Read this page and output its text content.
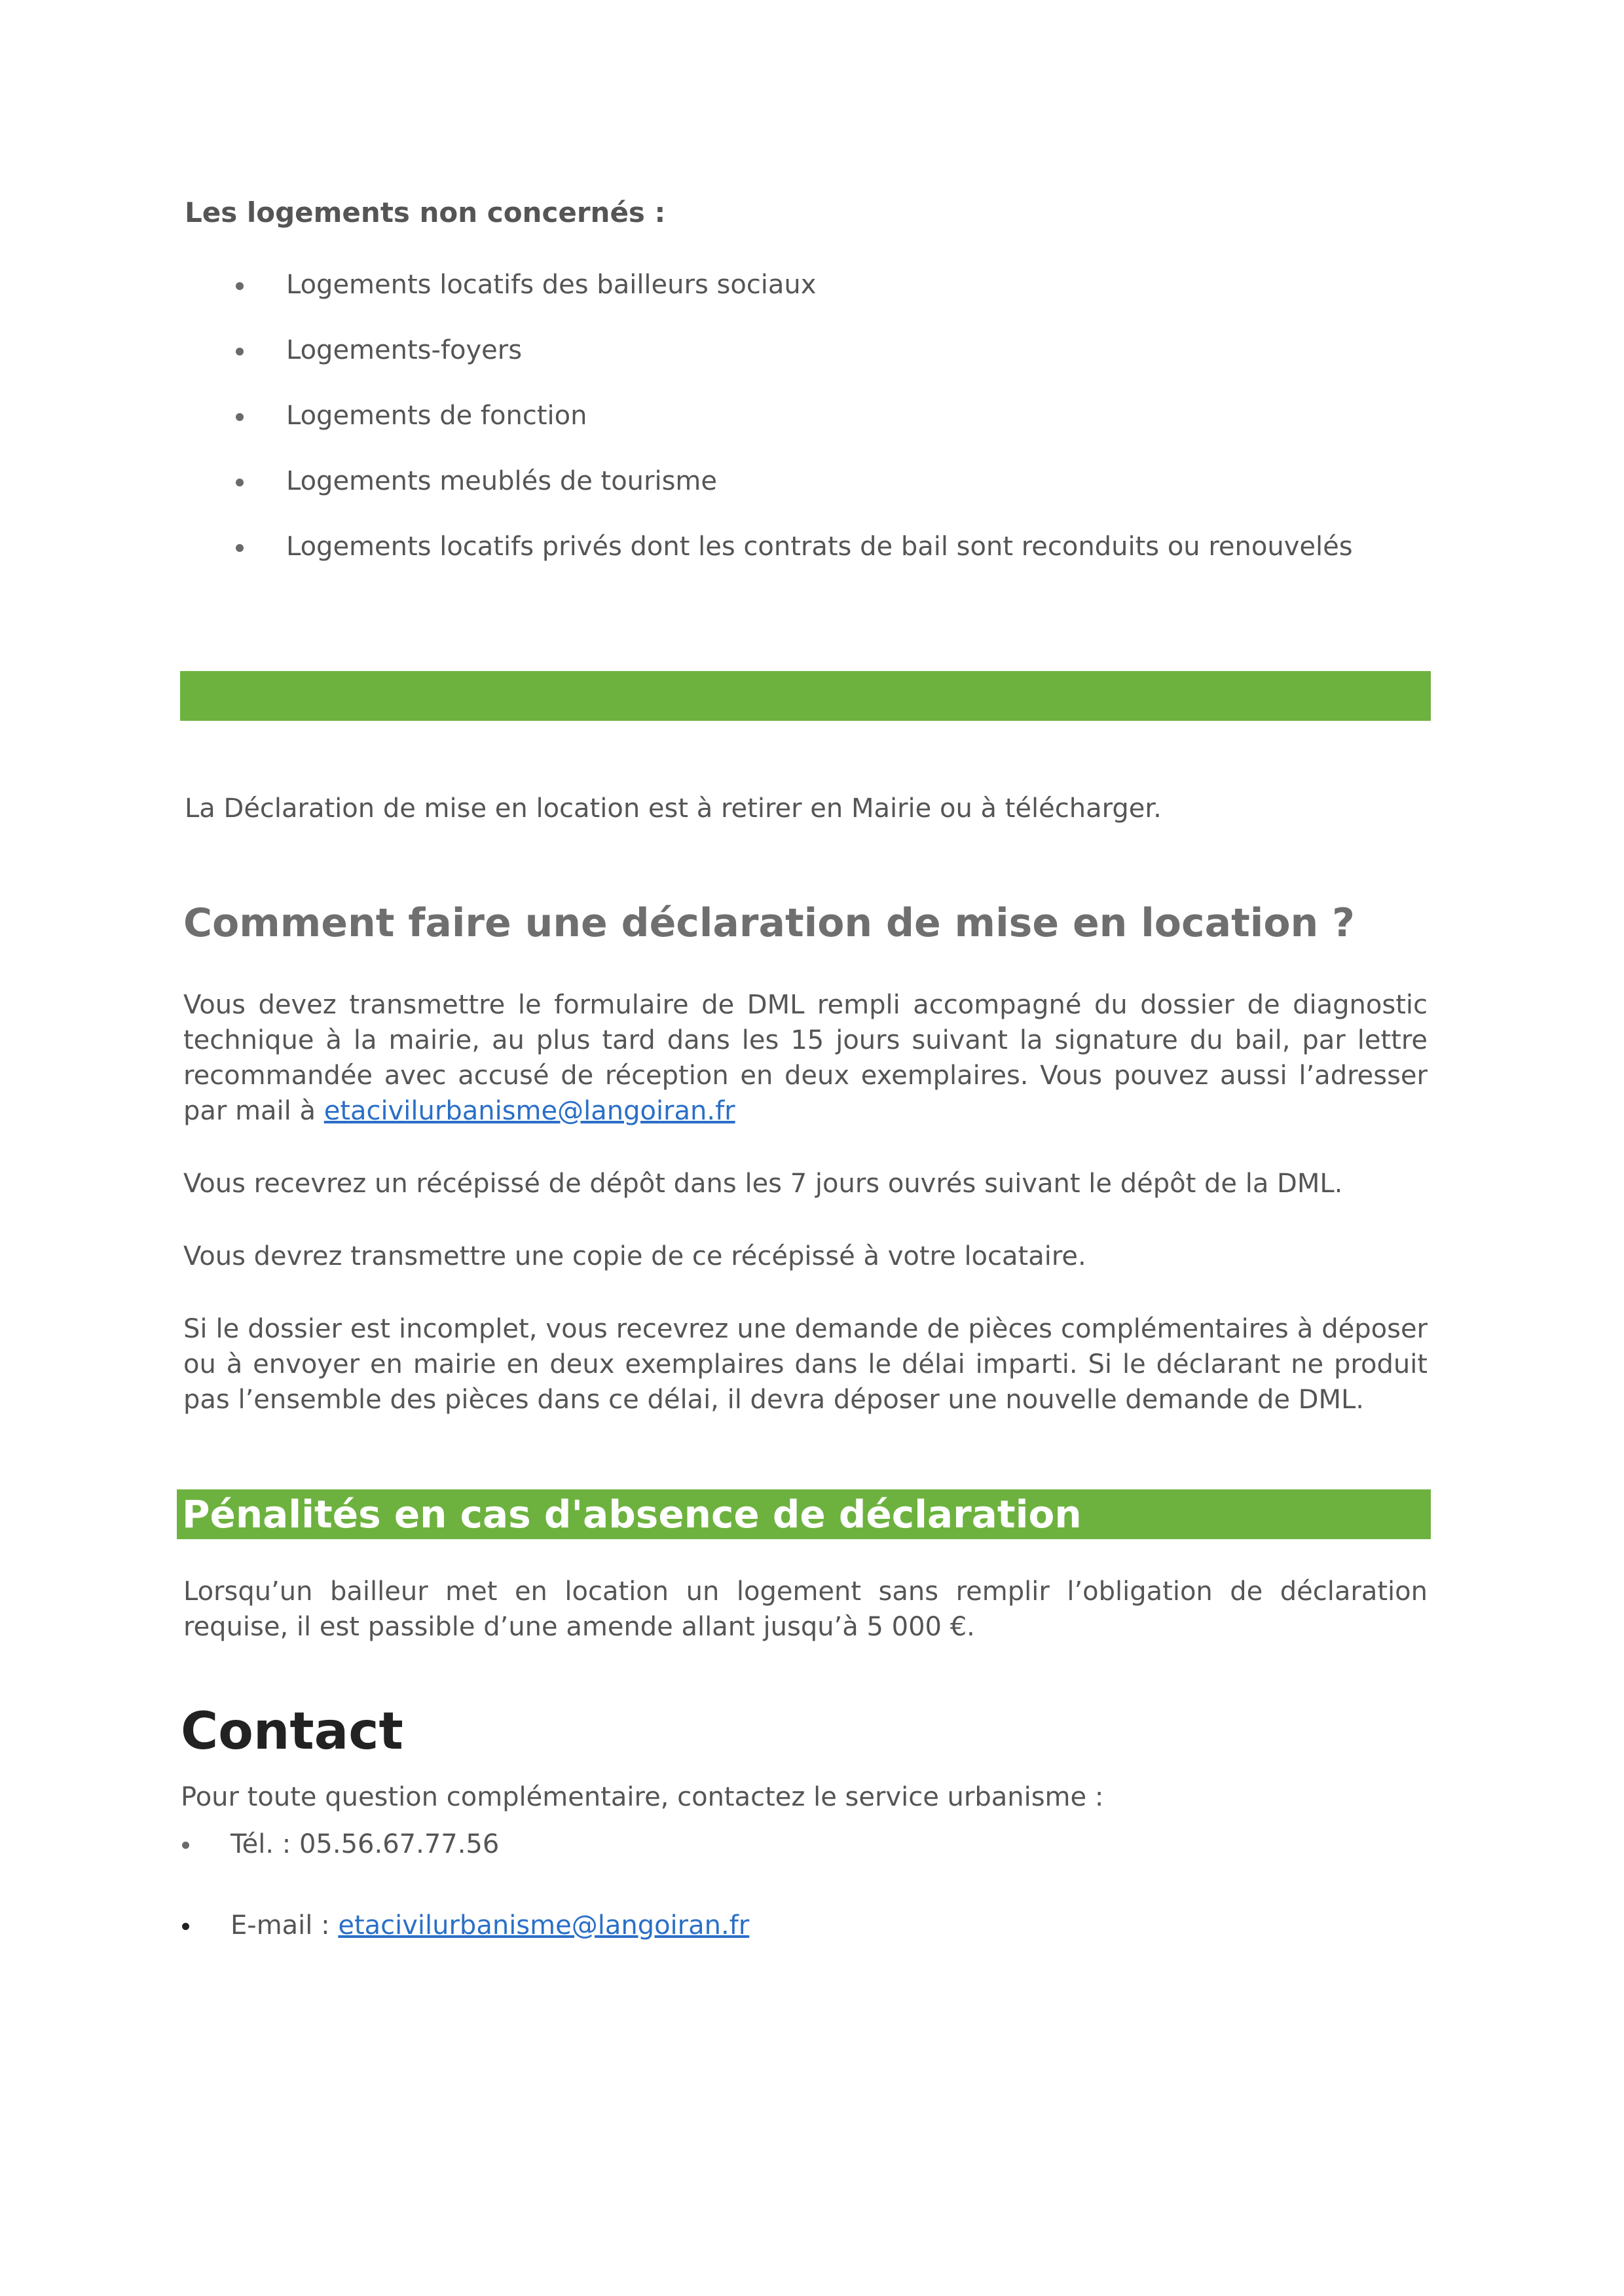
Les logements non concernés :
Logements locatifs des bailleurs sociaux
Logements-foyers
Logements de fonction
Logements meublés de tourisme
Logements locatifs privés dont les contrats de bail sont reconduits ou renouvelés

La Déclaration de mise en location est à retirer en Mairie ou à télécharger.

Comment faire une déclaration de mise en location ?

Vous devez transmettre le formulaire de DML rempli accompagné du dossier de diagnostic technique à la mairie, au plus tard dans les 15 jours suivant la signature du bail, par lettre recommandée avec accusé de réception en deux exemplaires. Vous pouvez aussi l’adresser par mail à etacivilurbanisme@langoiran.fr

Vous recevrez un récépissé de dépôt dans les 7 jours ouvrés suivant le dépôt de la DML.

Vous devrez transmettre une copie de ce récépissé à votre locataire.

Si le dossier est incomplet, vous recevrez une demande de pièces complémentaires à déposer ou à envoyer en mairie en deux exemplaires dans le délai imparti. Si le déclarant ne produit pas l’ensemble des pièces dans ce délai, il devra déposer une nouvelle demande de DML.

Pénalités en cas d'absence de déclaration

Lorsqu’un bailleur met en location un logement sans remplir l’obligation de déclaration requise, il est passible d’une amende allant jusqu’à 5 000 €.

Contact

Pour toute question complémentaire, contactez le service urbanisme :

Tél. : 05.56.67.77.56
E-mail : etacivilurbanisme@langoiran.fr
